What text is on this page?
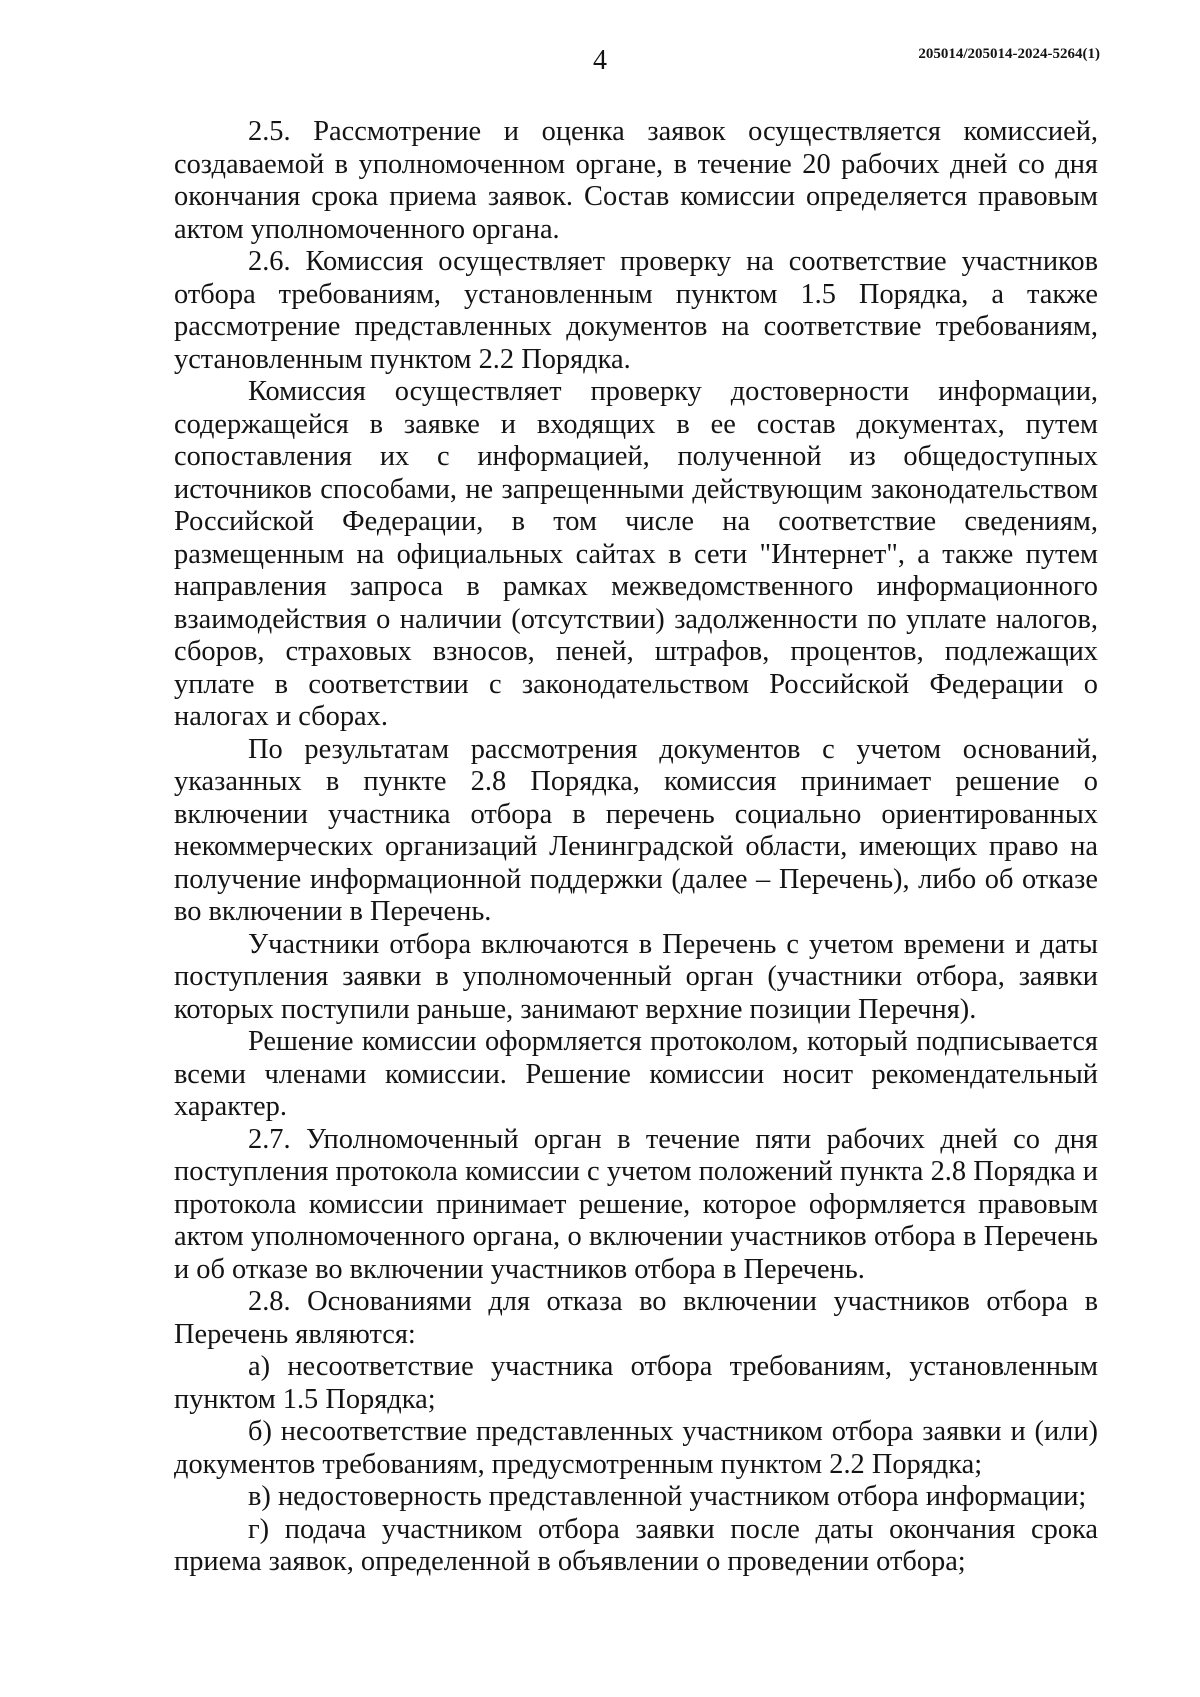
4	205014/205014-2024-5264(1)

2.5. Рассмотрение и оценка заявок осуществляется комиссией, создаваемой в уполномоченном органе, в течение 20 рабочих дней со дня окончания срока приема заявок. Состав комиссии определяется правовым актом уполномоченного органа.

2.6. Комиссия осуществляет проверку на соответствие участников отбора требованиям, установленным пунктом 1.5 Порядка, а также рассмотрение представленных документов на соответствие требованиям, установленным пунктом 2.2 Порядка.

Комиссия осуществляет проверку достоверности информации, содержащейся в заявке и входящих в ее состав документах, путем сопоставления их с информацией, полученной из общедоступных источников способами, не запрещенными действующим законодательством Российской Федерации, в том числе на соответствие сведениям, размещенным на официальных сайтах в сети "Интернет", а также путем направления запроса в рамках межведомственного информационного взаимодействия о наличии (отсутствии) задолженности по уплате налогов, сборов, страховых взносов, пеней, штрафов, процентов, подлежащих уплате в соответствии с законодательством Российской Федерации о налогах и сборах.

По результатам рассмотрения документов с учетом оснований, указанных в пункте 2.8 Порядка, комиссия принимает решение о включении участника отбора в перечень социально ориентированных некоммерческих организаций Ленинградской области, имеющих право на получение информационной поддержки (далее – Перечень), либо об отказе во включении в Перечень.

Участники отбора включаются в Перечень с учетом времени и даты поступления заявки в уполномоченный орган (участники отбора, заявки которых поступили раньше, занимают верхние позиции Перечня).

Решение комиссии оформляется протоколом, который подписывается всеми членами комиссии. Решение комиссии носит рекомендательный характер.

2.7. Уполномоченный орган в течение пяти рабочих дней со дня поступления протокола комиссии с учетом положений пункта 2.8 Порядка и протокола комиссии принимает решение, которое оформляется правовым актом уполномоченного органа, о включении участников отбора в Перечень и об отказе во включении участников отбора в Перечень.

2.8. Основаниями для отказа во включении участников отбора в Перечень являются:

а) несоответствие участника отбора требованиям, установленным пунктом 1.5 Порядка;

б) несоответствие представленных участником отбора заявки и (или) документов требованиям, предусмотренным пунктом 2.2 Порядка;

в) недостоверность представленной участником отбора информации;

г) подача участником отбора заявки после даты окончания срока приема заявок, определенной в объявлении о проведении отбора;
